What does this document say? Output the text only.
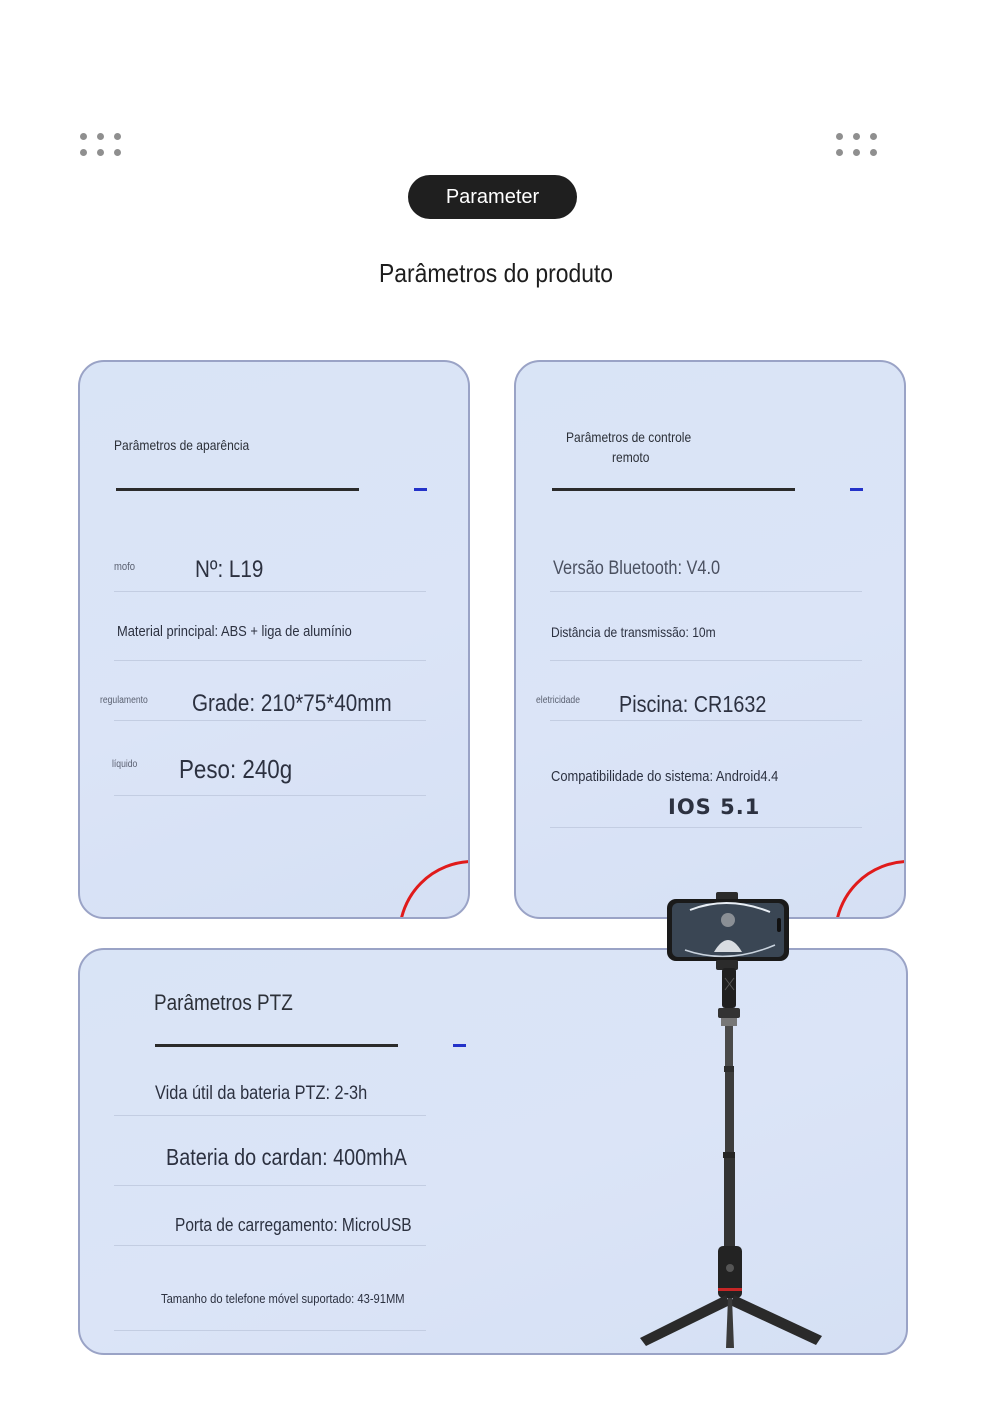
Parameter
Parâmetros do produto
Parâmetros de aparência
mofo Nº: L19
Material principal: ABS + liga de alumínio
regulamento Grade: 210*75*40mm
líquido Peso: 240g
Parâmetros de controle
remoto
Versão Bluetooth: V4.0
Distância de transmissão: 10m
eletricidade Piscina: CR1632
Compatibilidade do sistema: Android4.4
IOS 5.1
Parâmetros PTZ
Vida útil da bateria PTZ: 2-3h
Bateria do cardan: 400mhA
Porta de carregamento: MicroUSB
Tamanho do telefone móvel suportado: 43-91MM
